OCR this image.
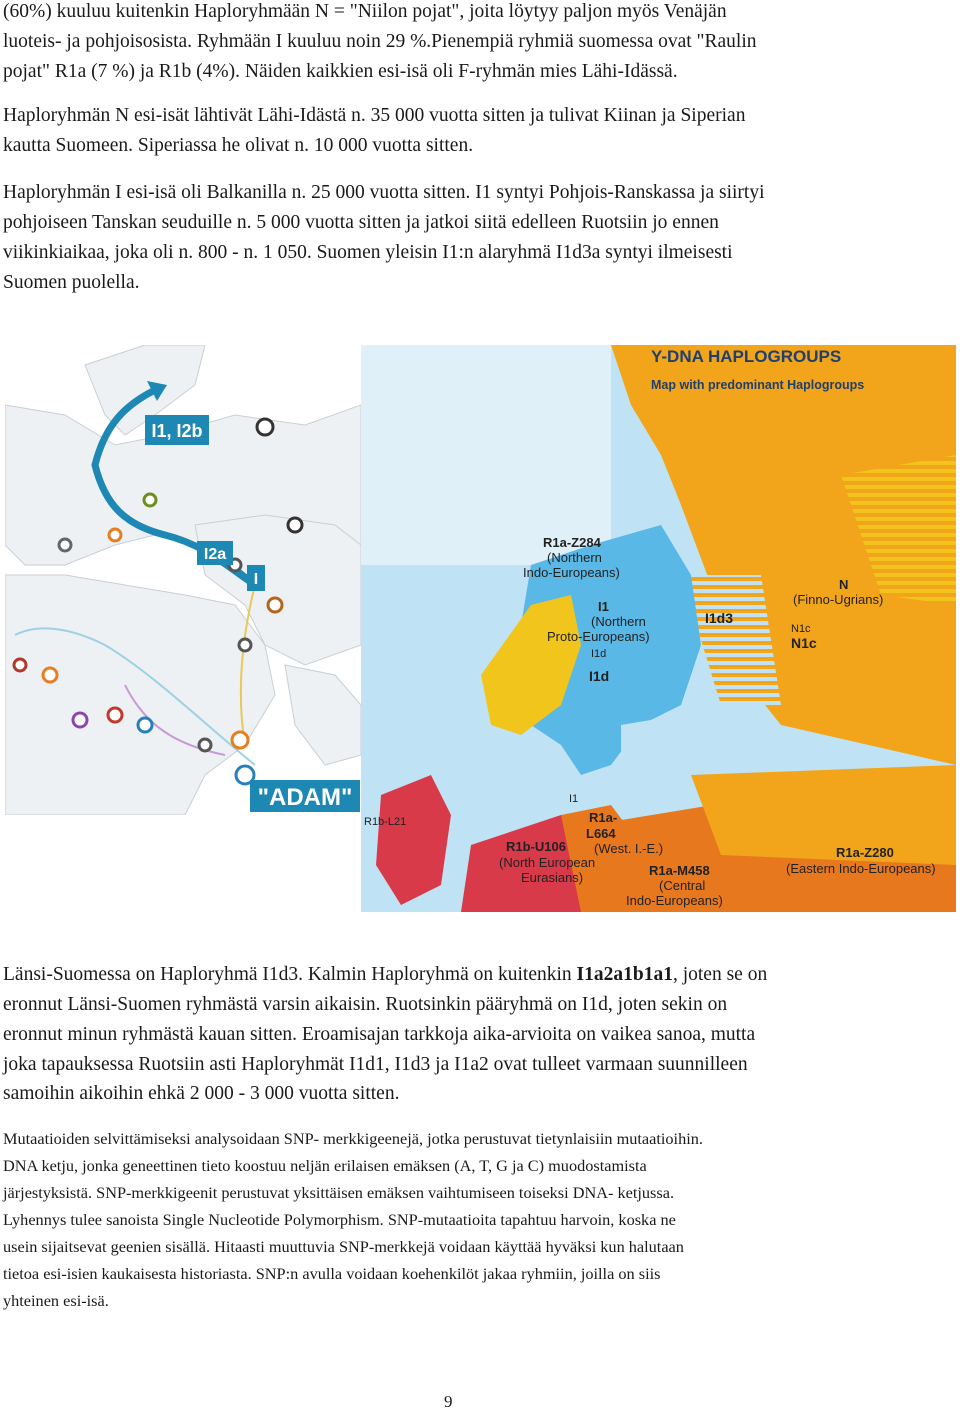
(60%) kuuluu kuitenkin Haploryhmään N = "Niilon pojat", joita löytyy paljon myös Venäjän
luoteis- ja pohjoisosista. Ryhmään I kuuluu noin 29 %.Pienempiä ryhmiä suomessa ovat "Raulin
pojat" R1a (7 %) ja R1b (4%). Näiden kaikkien esi-isä oli F-ryhmän mies Lähi-Idässä.
Haploryhmän N esi-isät lähtivät Lähi-Idästä n. 35 000 vuotta sitten ja tulivat Kiinan ja Siperian
kautta Suomeen. Siperiassa he olivat n. 10 000 vuotta sitten.
Haploryhmän I esi-isä oli Balkanilla n. 25 000 vuotta sitten. I1 syntyi Pohjois-Ranskassa ja siirtyi
pohjoiseen Tanskan seuduille n. 5 000 vuotta sitten ja jatkoi siitä edelleen Ruotsiin jo ennen
viikinkiaikaa, joka oli n. 800 - n. 1 050. Suomen yleisin I1:n alaryhmä I1d3a syntyi ilmeisesti
Suomen puolella.
I1, I2b
I2a
I
"ADAM"
Y-DNA HAPLOGROUPS
Map with predominant Haplogroups
R1a-Z284
(Northern
Indo-Europeans)
I1
(Northern
Proto-Europeans)
I1d
I1d
I1d3
N
(Finno-Ugrians)
N1c
N1c
R1b-L21
I1
R1a-
L664
(West. I.-E.)
R1b-U106
(North European
Eurasians)	R1a-M458
(Central
Indo-Europeans)
R1a-Z280
(Eastern Indo-Europeans)
Länsi-Suomessa on Haploryhmä I1d3. Kalmin Haploryhmä on kuitenkin I1a2a1b1a1, joten se on
eronnut Länsi-Suomen ryhmästä varsin aikaisin. Ruotsinkin pääryhmä on I1d, joten sekin on
eronnut minun ryhmästä kauan sitten. Eroamisajan tarkkoja aika-arvioita on vaikea sanoa, mutta
joka tapauksessa Ruotsiin asti Haploryhmät I1d1, I1d3 ja I1a2 ovat tulleet varmaan suunnilleen
samoihin aikoihin ehkä 2 000 - 3 000 vuotta sitten.
Mutaatioiden selvittämiseksi analysoidaan SNP- merkkigeenejä, jotka perustuvat tietynlaisiin mutaatioihin.
DNA ketju, jonka geneettinen tieto koostuu neljän erilaisen emäksen (A, T, G ja C) muodostamista
järjestyksistä. SNP-merkkigeenit perustuvat yksittäisen emäksen vaihtumiseen toiseksi DNA- ketjussa.
Lyhennys tulee sanoista Single Nucleotide Polymorphism. SNP-mutaatioita tapahtuu harvoin, koska ne
usein sijaitsevat geenien sisällä. Hitaasti muuttuvia SNP-merkkejä voidaan käyttää hyväksi kun halutaan
tietoa esi-isien kaukaisesta historiasta. SNP:n avulla voidaan koehenkilöt jakaa ryhmiin, joilla on siis
yhteinen esi-isä.
9
